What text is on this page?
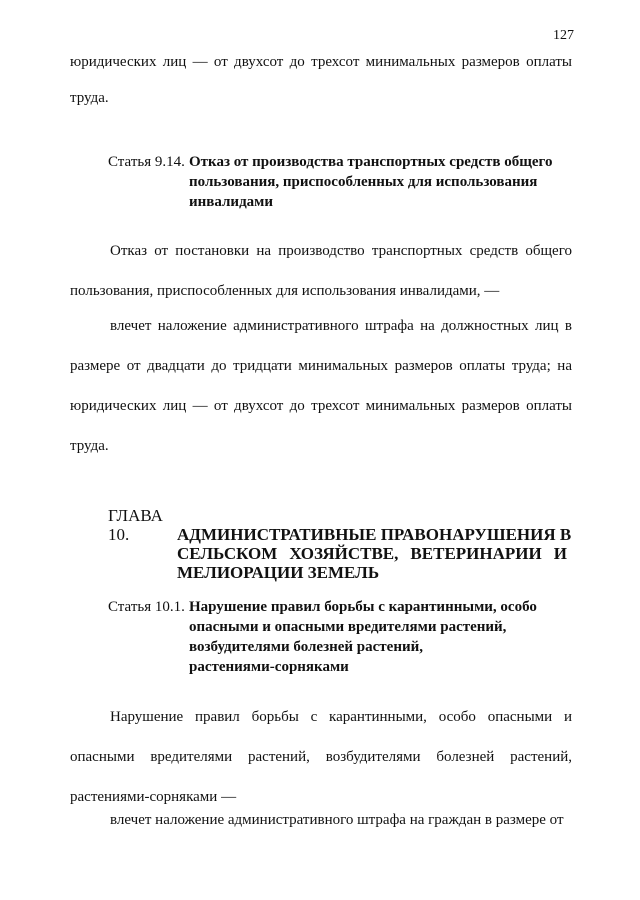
127

юридических лиц — от двухсот до трехсот минимальных размеров оплаты

труда.

Статья 9.14. Отказ от производства транспортных средств общего
пользования, приспособленных для использования
инвалидами

Отказ от постановки на производство транспортных средств общего пользования, приспособленных для использования инвалидами, —

влечет наложение административного штрафа на должностных лиц в размере от двадцати до тридцати минимальных размеров оплаты труда; на юридических лиц — от двухсот до трехсот минимальных размеров оплаты труда.

ГЛАВА 10.	АДМИНИСТРАТИВНЫЕ ПРАВОНАРУШЕНИЯ В
СЕЛЬСКОМ ХОЗЯЙСТВЕ, ВЕТЕРИНАРИИ И
МЕЛИОРАЦИИ ЗЕМЕЛЬ
Статья 10.1. Нарушение правил борьбы с карантинными, особо
опасными и опасными вредителями растений,
возбудителями болезней растений,
растениями-сорняками

Нарушение правил борьбы с карантинными, особо опасными и опасными вредителями растений, возбудителями болезней растений, растениями-сорняками —

влечет наложение административного штрафа на граждан в размере от
